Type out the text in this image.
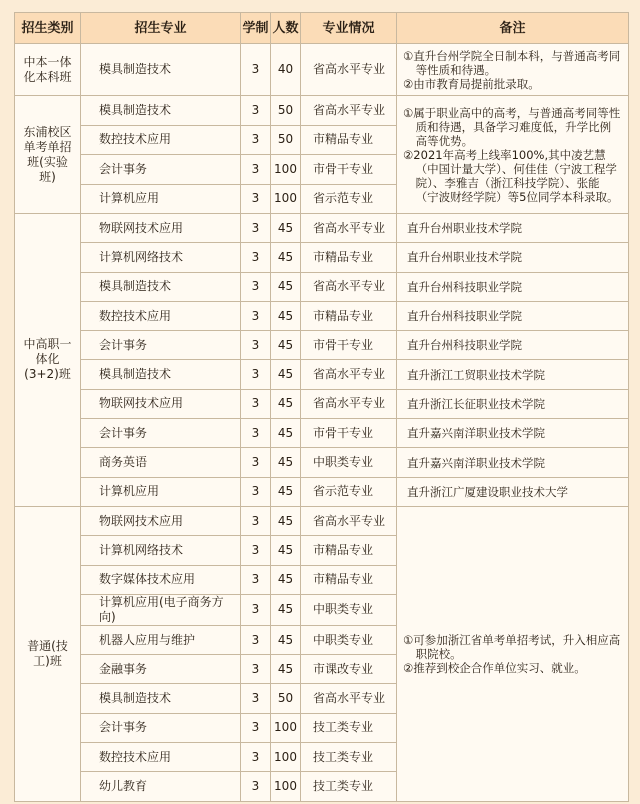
招生类别	招生专业	学制	人数	专业情况	备注
中本一体化本科班	模具制造技术	3	40	省高水平专业	①直升台州学院全日制本科，与普通高考同等性质和待遇。
②由市教育局提前批录取。

东浦校区单考单招班(实验班)	模具制造技术	3	50	省高水平专业	①属于职业高中的高考，与普通高考同等性质和待遇，具备学习难度低，升学比例高等优势。
②2021年高考上线率100%,其中凌艺慧（中国计量大学）、何佳佳（宁波工程学院）、李雅吉（浙江科技学院）、张能（宁波财经学院）等5位同学本科录取。

	数控技术应用	3	50	市精品专业	
	会计事务	3	100	市骨干专业	
	计算机应用	3	100	省示范专业	
中高职一体化(3+2)班	物联网技术应用	3	45	省高水平专业	直升台州职业技术学院
	计算机网络技术	3	45	市精品专业	直升台州职业技术学院
	模具制造技术	3	45	省高水平专业	直升台州科技职业学院
	数控技术应用	3	45	市精品专业	直升台州科技职业学院
	会计事务	3	45	市骨干专业	直升台州科技职业学院
	模具制造技术	3	45	省高水平专业	直升浙江工贸职业技术学院
	物联网技术应用	3	45	省高水平专业	直升浙江长征职业技术学院
	会计事务	3	45	市骨干专业	直升嘉兴南洋职业技术学院
	商务英语	3	45	中职类专业	直升嘉兴南洋职业技术学院
	计算机应用	3	45	省示范专业	直升浙江广厦建设职业技术大学
普通(技工)班	物联网技术应用	3	45	省高水平专业	①可参加浙江省单考单招考试，升入相应高职院校。
②推荐到校企合作单位实习、就业。

	计算机网络技术	3	45	市精品专业	
	数字媒体技术应用	3	45	市精品专业	
	计算机应用(电子商务方向)	3	45	中职类专业	
	机器人应用与维护	3	45	中职类专业	
	金融事务	3	45	市课改专业	
	模具制造技术	3	50	省高水平专业	
	会计事务	3	100	技工类专业	
	数控技术应用	3	100	技工类专业	
	幼儿教育	3	100	技工类专业	
